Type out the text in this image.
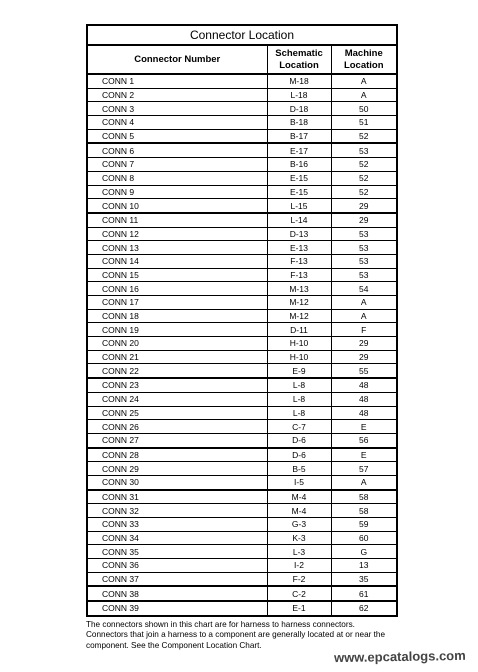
Connector Location		
Connector Number	Schematic Location	Machine Location
CONN 1	M-18	A
CONN 2	L-18	A
CONN 3	D-18	50
CONN 4	B-18	51
CONN 5	B-17	52
CONN 6	E-17	53
CONN 7	B-16	52
CONN 8	E-15	52
CONN 9	E-15	52
CONN 10	L-15	29
CONN 11	L-14	29
CONN 12	D-13	53
CONN 13	E-13	53
CONN 14	F-13	53
CONN 15	F-13	53
CONN 16	M-13	54
CONN 17	M-12	A
CONN 18	M-12	A
CONN 19	D-11	F
CONN 20	H-10	29
CONN 21	H-10	29
CONN 22	E-9	55
CONN 23	L-8	48
CONN 24	L-8	48
CONN 25	L-8	48
CONN 26	C-7	E
CONN 27	D-6	56
CONN 28	D-6	E
CONN 29	B-5	57
CONN 30	I-5	A
CONN 31	M-4	58
CONN 32	M-4	58
CONN 33	G-3	59
CONN 34	K-3	60
CONN 35	L-3	G
CONN 36	I-2	13
CONN 37	F-2	35
CONN 38	C-2	61
CONN 39	E-1	62
The connectors shown in this chart are for harness to harness connectors. Connectors that join a harness to a component are generally located at or near the component. See the Component Location Chart.
www.epcatalogs.com
